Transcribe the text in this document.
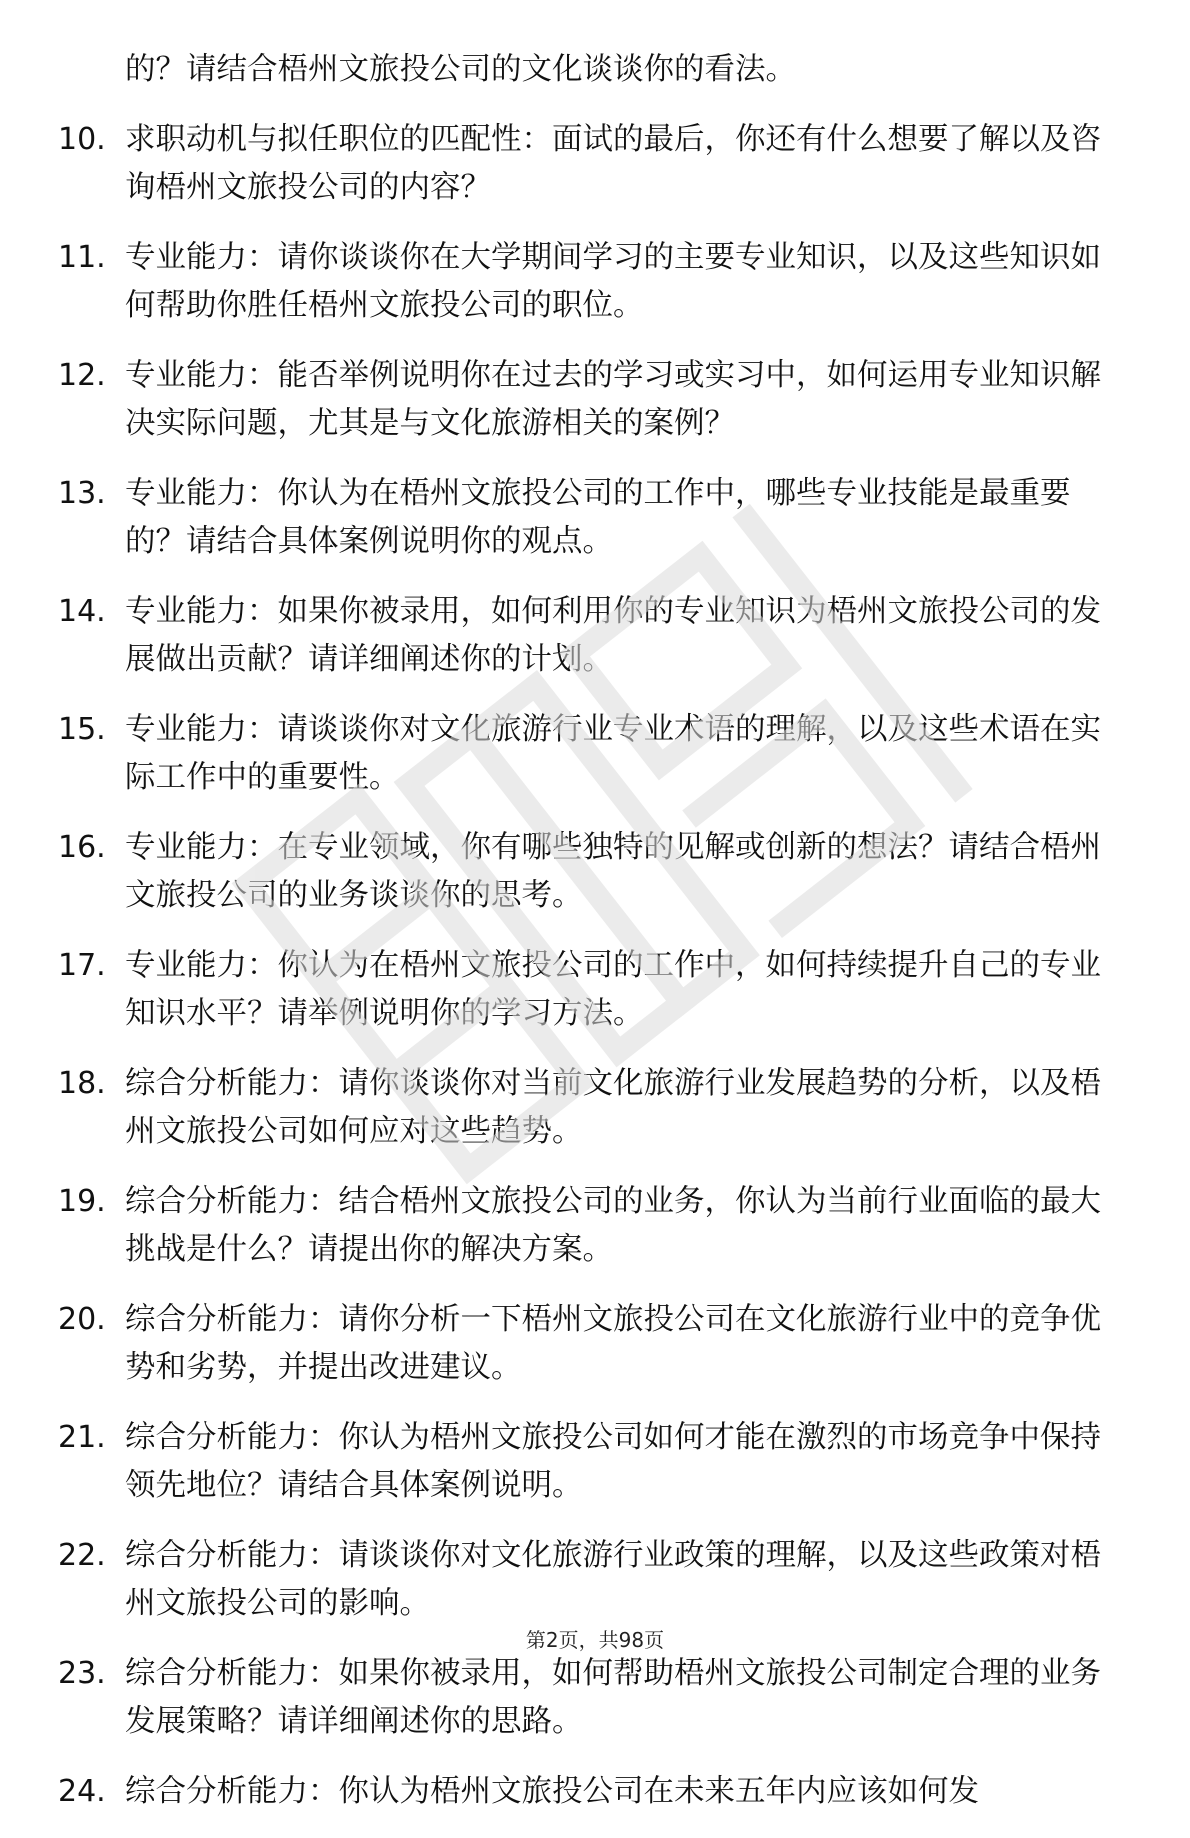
的？请结合梧州文旅投公司的文化谈谈你的看法。
10. 求职动机与拟任职位的匹配性：面试的最后，你还有什么想要了解以及咨询梧州文旅投公司的内容？
11. 专业能力：请你谈谈你在大学期间学习的主要专业知识，以及这些知识如何帮助你胜任梧州文旅投公司的职位。
12. 专业能力：能否举例说明你在过去的学习或实习中，如何运用专业知识解决实际问题，尤其是与文化旅游相关的案例？
13. 专业能力：你认为在梧州文旅投公司的工作中，哪些专业技能是最重要的？请结合具体案例说明你的观点。
14. 专业能力：如果你被录用，如何利用你的专业知识为梧州文旅投公司的发展做出贡献？请详细阐述你的计划。
15. 专业能力：请谈谈你对文化旅游行业专业术语的理解，以及这些术语在实际工作中的重要性。
16. 专业能力：在专业领域，你有哪些独特的见解或创新的想法？请结合梧州文旅投公司的业务谈谈你的思考。
17. 专业能力：你认为在梧州文旅投公司的工作中，如何持续提升自己的专业知识水平？请举例说明你的学习方法。
18. 综合分析能力：请你谈谈你对当前文化旅游行业发展趋势的分析，以及梧州文旅投公司如何应对这些趋势。
19. 综合分析能力：结合梧州文旅投公司的业务，你认为当前行业面临的最大挑战是什么？请提出你的解决方案。
20. 综合分析能力：请你分析一下梧州文旅投公司在文化旅游行业中的竞争优势和劣势，并提出改进建议。
21. 综合分析能力：你认为梧州文旅投公司如何才能在激烈的市场竞争中保持领先地位？请结合具体案例说明。
22. 综合分析能力：请谈谈你对文化旅游行业政策的理解，以及这些政策对梧州文旅投公司的影响。
23. 综合分析能力：如果你被录用，如何帮助梧州文旅投公司制定合理的业务发展策略？请详细阐述你的思路。
24. 综合分析能力：你认为梧州文旅投公司在未来五年内应该如何发
第2页，共98页
